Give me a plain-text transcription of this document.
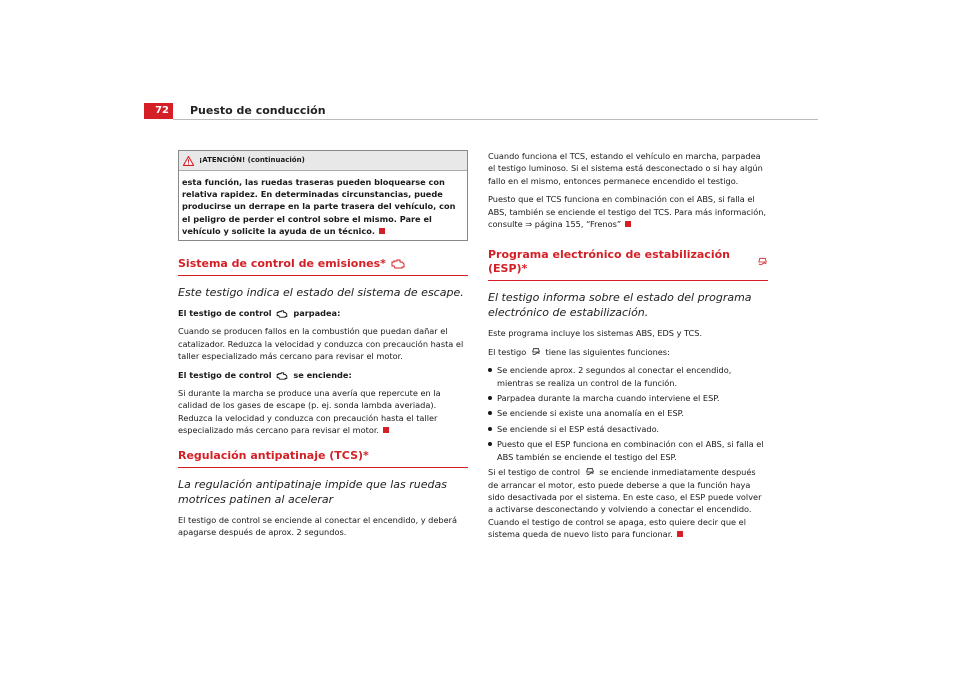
72	Puesto de conducción
¡ATENCIÓN! (continuación)
esta función, las ruedas traseras pueden bloquearse con relativa rapidez. En determinadas circunstancias, puede producirse un derrape en la parte trasera del vehículo, con el peligro de perder el control sobre el mismo. Pare el vehículo y solicite la ayuda de un técnico.
Sistema de control de emisiones*
Este testigo indica el estado del sistema de escape.

El testigo de control	parpadea:

Cuando se producen fallos en la combustión que puedan dañar el catalizador. Reduzca la velocidad y conduzca con precaución hasta el taller especializado más cercano para revisar el motor.

El testigo de control	se enciende:

Si durante la marcha se produce una avería que repercute en la calidad de los gases de escape (p. ej. sonda lambda averiada). Reduzca la velocidad y conduzca con precaución hasta el taller especializado más cercano para revisar el motor.

Regulación antipatinaje (TCS)*
La regulación antipatinaje impide que las ruedas motrices patinen al acelerar

El testigo de control se enciende al conectar el encendido, y deberá apagarse después de aprox. 2 segundos.

Cuando funciona el TCS, estando el vehículo en marcha, parpadea el testigo luminoso. Si el sistema está desconectado o si hay algún fallo en el mismo, entonces permanece encendido el testigo.

Puesto que el TCS funciona en combinación con el ABS, si falla el ABS, también se enciende el testigo del TCS. Para más información, consulte ⇒ página 155, “Frenos”

Programa electrónico de estabilización (ESP)*
El testigo informa sobre el estado del programa electrónico de estabilización.

Este programa incluye los sistemas ABS, EDS y TCS.

El testigo tiene las siguientes funciones:

Se enciende aprox. 2 segundos al conectar el encendido, mientras se realiza un control de la función.
Parpadea durante la marcha cuando interviene el ESP.
Se enciende si existe una anomalía en el ESP.
Se enciende si el ESP está desactivado.
Puesto que el ESP funciona en combinación con el ABS, si falla el ABS también se enciende el testigo del ESP.

Si el testigo de control se enciende inmediatamente después de arrancar el motor, esto puede deberse a que la función haya sido desactivada por el sistema. En este caso, el ESP puede volver a activarse desconectando y volviendo a conectar el encendido. Cuando el testigo de control se apaga, esto quiere decir que el sistema queda de nuevo listo para funcionar.
